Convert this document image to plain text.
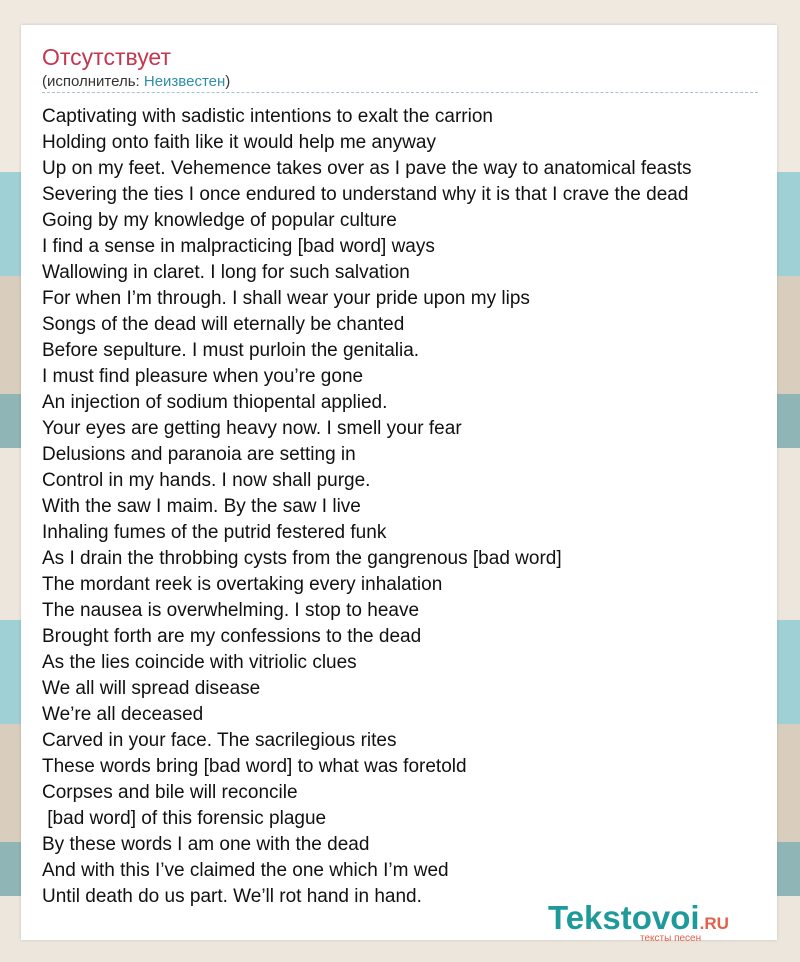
Отсутствует
(исполнитель: Неизвестен)
Captivating with sadistic intentions to exalt the carrion
Holding onto faith like it would help me anyway
Up on my feet. Vehemence takes over as I pave the way to anatomical feasts
Severing the ties I once endured to understand why it is that I crave the dead
Going by my knowledge of popular culture
I find a sense in malpracticing [bad word] ways
Wallowing in claret. I long for such salvation
For when I’m through. I shall wear your pride upon my lips
Songs of the dead will eternally be chanted
Before sepulture. I must purloin the genitalia.
I must find pleasure when you’re gone
An injection of sodium thiopental applied.
Your eyes are getting heavy now. I smell your fear
Delusions and paranoia are setting in
Control in my hands. I now shall purge.
With the saw I maim. By the saw I live
Inhaling fumes of the putrid festered funk
As I drain the throbbing cysts from the gangrenous [bad word]
The mordant reek is overtaking every inhalation
The nausea is overwhelming. I stop to heave
Brought forth are my confessions to the dead
As the lies coincide with vitriolic clues
We all will spread disease
We’re all deceased
Carved in your face. The sacrilegious rites
These words bring [bad word] to what was foretold
Corpses and bile will reconcile
[bad word] of this forensic plague
By these words I am one with the dead
And with this I’ve claimed the one which I’m wed
Until death do us part. We’ll rot hand in hand.
Tekstovoi.RU
тексты песен
